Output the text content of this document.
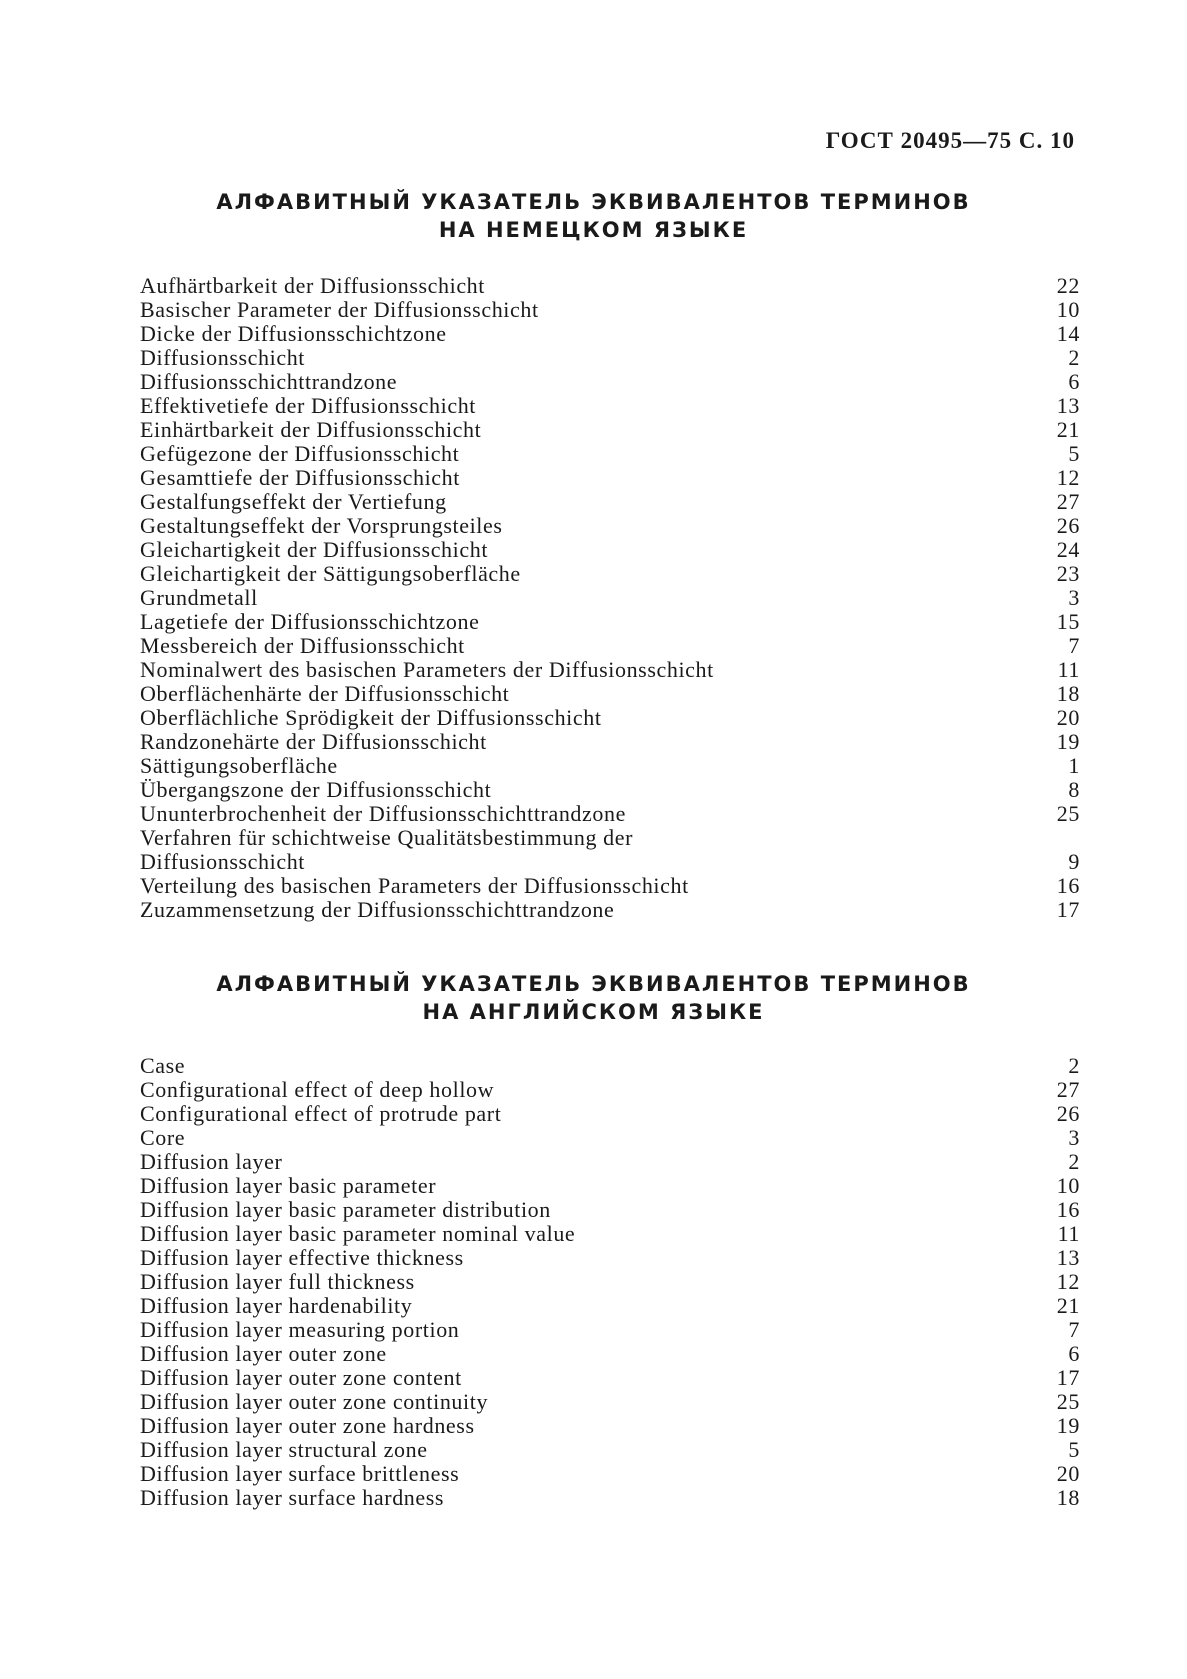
ГОСТ 20495—75 С. 10
АЛФАВИТНЫЙ УКАЗАТЕЛЬ ЭКВИВАЛЕНТОВ ТЕРМИНОВ
НА НЕМЕЦКОМ ЯЗЫКЕ
Aufhärtbarkeit der Diffusionsschicht	22
Basischer Parameter der Diffusionsschicht	10
Dicke der Diffusionsschichtzone	14
Diffusionsschicht	2
Diffusionsschichttrandzone	6
Effektivetiefe der Diffusionsschicht	13
Einhärtbarkeit der Diffusionsschicht	21
Gefügezone der Diffusionsschicht	5
Gesamttiefe der Diffusionsschicht	12
Gestalfungseffekt der Vertiefung	27
Gestaltungseffekt der Vorsprungsteiles	26
Gleichartigkeit der Diffusionsschicht	24
Gleichartigkeit der Sättigungsoberfläche	23
Grundmetall	3
Lagetiefe der Diffusionsschichtzone	15
Messbereich der Diffusionsschicht	7
Nominalwert des basischen Parameters der Diffusionsschicht	11
Oberflächenhärte der Diffusionsschicht	18
Oberflächliche Sprödigkeit der Diffusionsschicht	20
Randzonehärte der Diffusionsschicht	19
Sättigungsoberfläche	1
Übergangszone der Diffusionsschicht	8
Ununterbrochenheit der Diffusionsschichttrandzone	25
Verfahren für schichtweise Qualitätsbestimmung der
Diffusionsschicht	9
Verteilung des basischen Parameters der Diffusionsschicht	16
Zuzammensetzung der Diffusionsschichttrandzone	17
АЛФАВИТНЫЙ УКАЗАТЕЛЬ ЭКВИВАЛЕНТОВ ТЕРМИНОВ
НА АНГЛИЙСКОМ ЯЗЫКЕ
Case	2
Configurational effect of deep hollow	27
Configurational effect of protrude part	26
Core	3
Diffusion layer	2
Diffusion layer basic parameter	10
Diffusion layer basic parameter distribution	16
Diffusion layer basic parameter nominal value	11
Diffusion layer effective thickness	13
Diffusion layer full thickness	12
Diffusion layer hardenability	21
Diffusion layer measuring portion	7
Diffusion layer outer zone	6
Diffusion layer outer zone content	17
Diffusion layer outer zone continuity	25
Diffusion layer outer zone hardness	19
Diffusion layer structural zone	5
Diffusion layer surface brittleness	20
Diffusion layer surface hardness	18
